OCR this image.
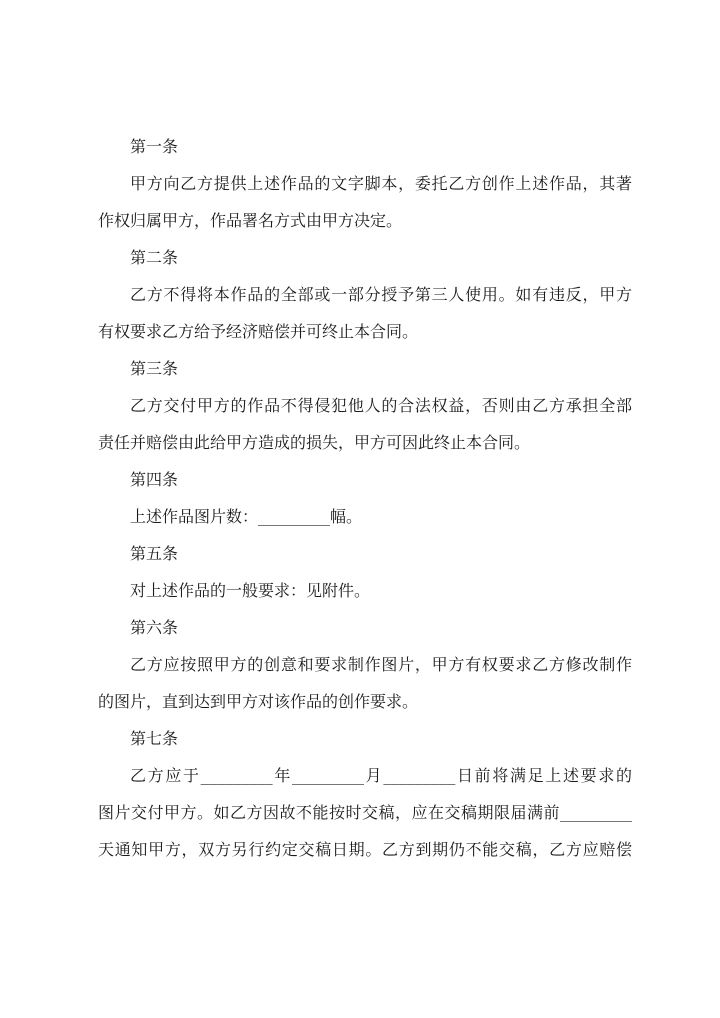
第一条
甲方向乙方提供上述作品的文字脚本，委托乙方创作上述作品，其著
作权归属甲方，作品署名方式由甲方决定。
第二条
乙方不得将本作品的全部或一部分授予第三人使用。如有违反，甲方
有权要求乙方给予经济赔偿并可终止本合同。
第三条
乙方交付甲方的作品不得侵犯他人的合法权益，否则由乙方承担全部
责任并赔偿由此给甲方造成的损失，甲方可因此终止本合同。
第四条
上述作品图片数：_________幅。
第五条
对上述作品的一般要求：见附件。
第六条
乙方应按照甲方的创意和要求制作图片，甲方有权要求乙方修改制作
的图片，直到达到甲方对该作品的创作要求。
第七条
乙方应于_________年_________月_________日前将满足上述要求的
图片交付甲方。如乙方因故不能按时交稿，应在交稿期限届满前_________
天通知甲方，双方另行约定交稿日期。乙方到期仍不能交稿，乙方应赔偿
